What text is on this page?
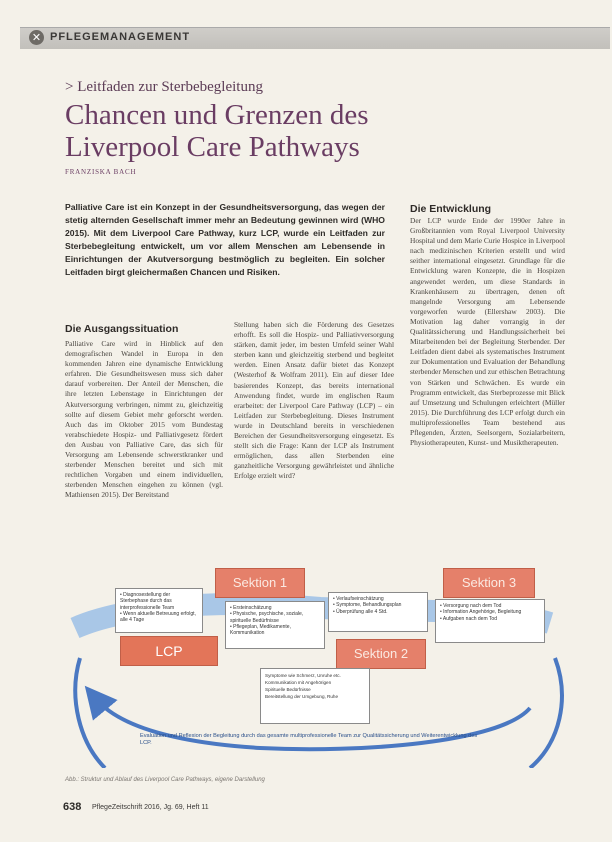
✕ PFLEGEMANAGEMENT
> Leitfaden zur Sterbebegleitung
Chancen und Grenzen des
Liverpool Care Pathways
FRANZISKA BACH
Palliative Care ist ein Konzept in der Gesundheitsversorgung, das wegen der stetig alternden Gesellschaft immer mehr an Bedeutung gewinnen wird (WHO 2015). Mit dem Liverpool Care Pathway, kurz LCP, wurde ein Leitfaden zur Sterbebegleitung entwickelt, um vor allem Menschen am Lebensende in Einrichtungen der Akutversorgung bestmöglich zu begleiten. Ein solcher Leitfaden birgt gleichermaßen Chancen und Risiken.
Die Entwicklung
Der LCP wurde Ende der 1990er Jahre in Großbritannien vom Royal Liverpool University Hospital und dem Marie Curie Hospice in Liverpool nach medizinischen Kriterien erstellt und wird seither international eingesetzt. Grundlage für die Entwicklung waren Konzepte, die in Hospizen angewendet werden, um diese Standards in Krankenhäusern zu übertragen, denen oft mangelnde Versorgung am Lebensende vorgeworfen wurde (Ellershaw 2003). Die Motivation lag daher vorrangig in der Qualitätssicherung und Handlungssicherheit bei Mitarbeitenden bei der Begleitung Sterbender. Der Leitfaden dient dabei als systematisches Instrument zur Dokumentation und Evaluation der Behandlung sterbender Menschen und zur ethischen Betrachtung von Stärken und Schwächen. Es wurde ein Programm entwickelt, das Sterbeprozesse mit Blick auf Umsetzung und Schulungen erleichtert (Müller 2015). Die Durchführung des LCP erfolgt durch ein multiprofessionelles Team bestehend aus Pflegenden, Ärzten, Seelsorgern, Sozialarbeitern, Physiotherapeuten, Kunst- und Musiktherapeuten.
Die Ausgangssituation
Palliative Care wird in Hinblick auf den demografischen Wandel in Europa in den kommenden Jahren eine dynamische Entwicklung erfahren. Die Gesundheitswesen muss sich daher darauf vorbereiten. Der Anteil der Menschen, die ihre letzten Lebenstage in Einrichtungen der Akutversorgung verbringen, nimmt zu, gleichzeitig sollte auf diesem Gebiet mehr geforscht werden. Auch das im Oktober 2015 vom Bundestag verabschiedete Hospiz- und Palliativgesetz fördert den Ausbau von Palliative Care, das sich für Versorgung am Lebensende schwerstkranker und sterbender Menschen bereitet und sich mit rechtlichen Vorgaben und einem individuellen, sterbenden Menschen eingehen zu können (vgl. Mathiensen 2015). Der Bereitstand
Stellung haben sich die Förderung des Gesetzes erhofft. Es soll die Hospiz- und Palliativversorgung stärken, damit jeder, im besten Umfeld seiner Wahl sterben kann und gleichzeitig sterbend und begleitet werden. Einen Ansatz dafür bietet das Konzept (Westerhof & Wolfram 2011). Ein auf dieser Idee basierendes Konzept, das bereits international Anwendung findet, wurde im englischen Raum erarbeitet: der Liverpool Care Pathway (LCP) – ein Leitfaden zur Sterbebegleitung. Dieses Instrument wurde in Deutschland bereits in verschiedenen Bereichen der Gesundheitsversorgung eingesetzt. Es stellt sich die Frage: Kann der LCP als Instrument ermöglichen, dass allen Sterbenden eine ganzheitliche Versorgung gewährleistet und ähnliche Erfolge erzielt wird?
Sektion 1	Sektion 3
Sektion 2
LCP
• Diagnosestellung der Sterbephase durch das interprofessionelle Team
• Wenn aktuelle Betreuung erfolgt, alle 4 Tage
• Ersteinschätzung
• Physische, psychische, soziale, spirituelle Bedürfnisse
• Pflegeplan, Medikamente, Kommunikation
• Verlaufseinschätzung
• Symptome, Behandlungsplan
• Überprüfung alle 4 Std.
• Versorgung nach dem Tod
• Information Angehörige, Begleitung
• Aufgaben nach dem Tod
Symptome wie Schmerz, Unruhe etc.
Kommunikation mit Angehörigen
Spirituelle Bedürfnisse
Bereitstellung der Umgebung, Ruhe
Evaluation und Reflexion der Begleitung durch das gesamte multiprofessionelle Team zur Qualitätssicherung und Weiterentwicklung des LCP.
Abb.: Struktur und Ablauf des Liverpool Care Pathways, eigene Darstellung
638 PflegeZeitschrift 2016, Jg. 69, Heft 11
